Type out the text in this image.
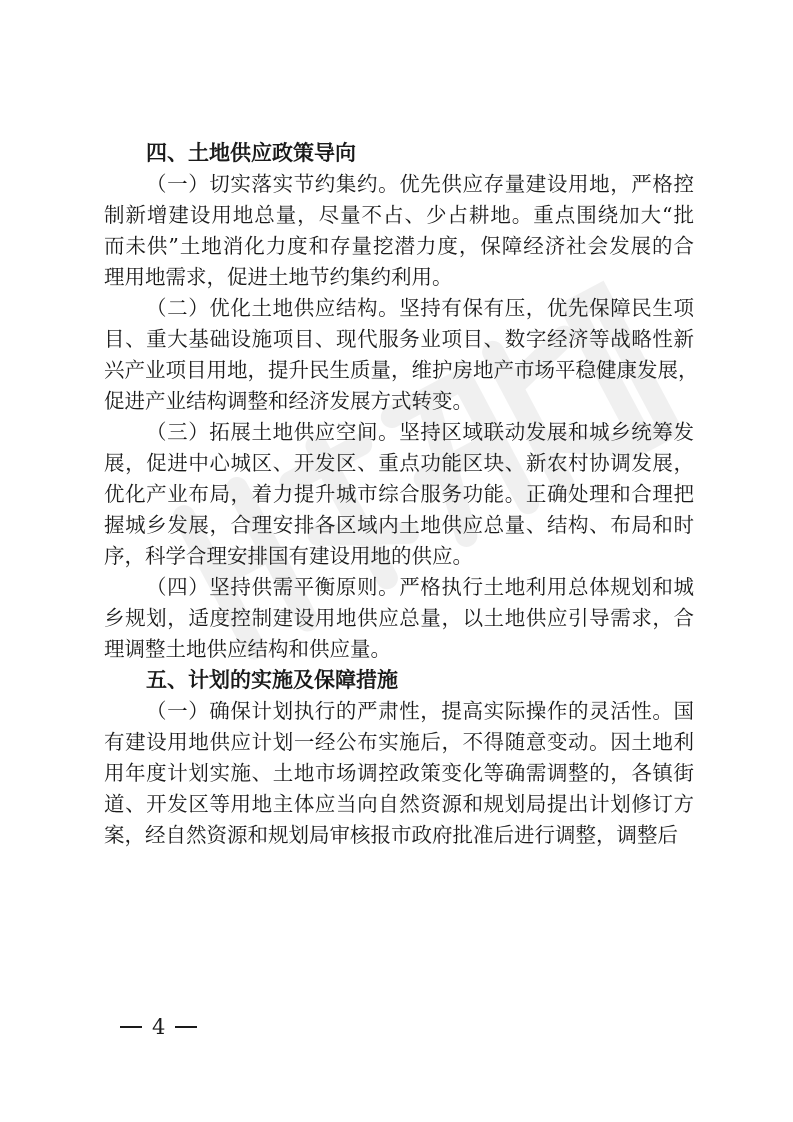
四、土地供应政策导向

（一）切实落实节约集约。优先供应存量建设用地，严格控

制新增建设用地总量，尽量不占、少占耕地。重点围绕加大“批

而未供”土地消化力度和存量挖潜力度，保障经济社会发展的合

理用地需求，促进土地节约集约利用。

（二）优化土地供应结构。坚持有保有压，优先保障民生项

目、重大基础设施项目、现代服务业项目、数字经济等战略性新

兴产业项目用地，提升民生质量，维护房地产市场平稳健康发展，

促进产业结构调整和经济发展方式转变。

（三）拓展土地供应空间。坚持区域联动发展和城乡统筹发

展，促进中心城区、开发区、重点功能区块、新农村协调发展，

优化产业布局，着力提升城市综合服务功能。正确处理和合理把

握城乡发展，合理安排各区域内土地供应总量、结构、布局和时

序，科学合理安排国有建设用地的供应。

（四）坚持供需平衡原则。严格执行土地利用总体规划和城

乡规划，适度控制建设用地供应总量，以土地供应引导需求，合

理调整土地供应结构和供应量。

五、计划的实施及保障措施

（一）确保计划执行的严肃性，提高实际操作的灵活性。国

有建设用地供应计划一经公布实施后，不得随意变动。因土地利

用年度计划实施、土地市场调控政策变化等确需调整的，各镇街

道、开发区等用地主体应当向自然资源和规划局提出计划修订方

案，经自然资源和规划局审核报市政府批准后进行调整，调整后

4
